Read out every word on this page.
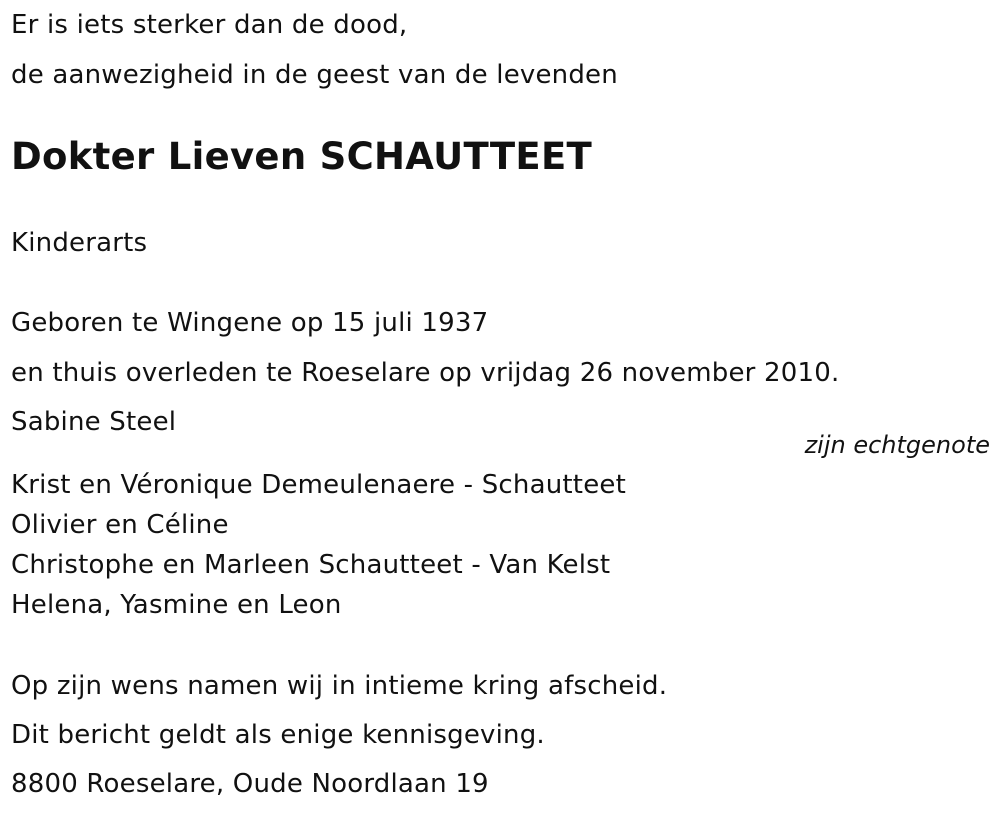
Er is iets sterker dan de dood,
de aanwezigheid in de geest van de levenden
Dokter Lieven SCHAUTTEET
Kinderarts
Geboren te Wingene op 15 juli 1937
en thuis overleden te Roeselare op vrijdag 26 november 2010.
Sabine Steel
zijn echtgenote
Krist en Véronique Demeulenaere - Schautteet
Olivier en Céline
Christophe en Marleen Schautteet - Van Kelst
Helena, Yasmine en Leon
Op zijn wens namen wij in intieme kring afscheid.
Dit bericht geldt als enige kennisgeving.
8800 Roeselare, Oude Noordlaan 19
